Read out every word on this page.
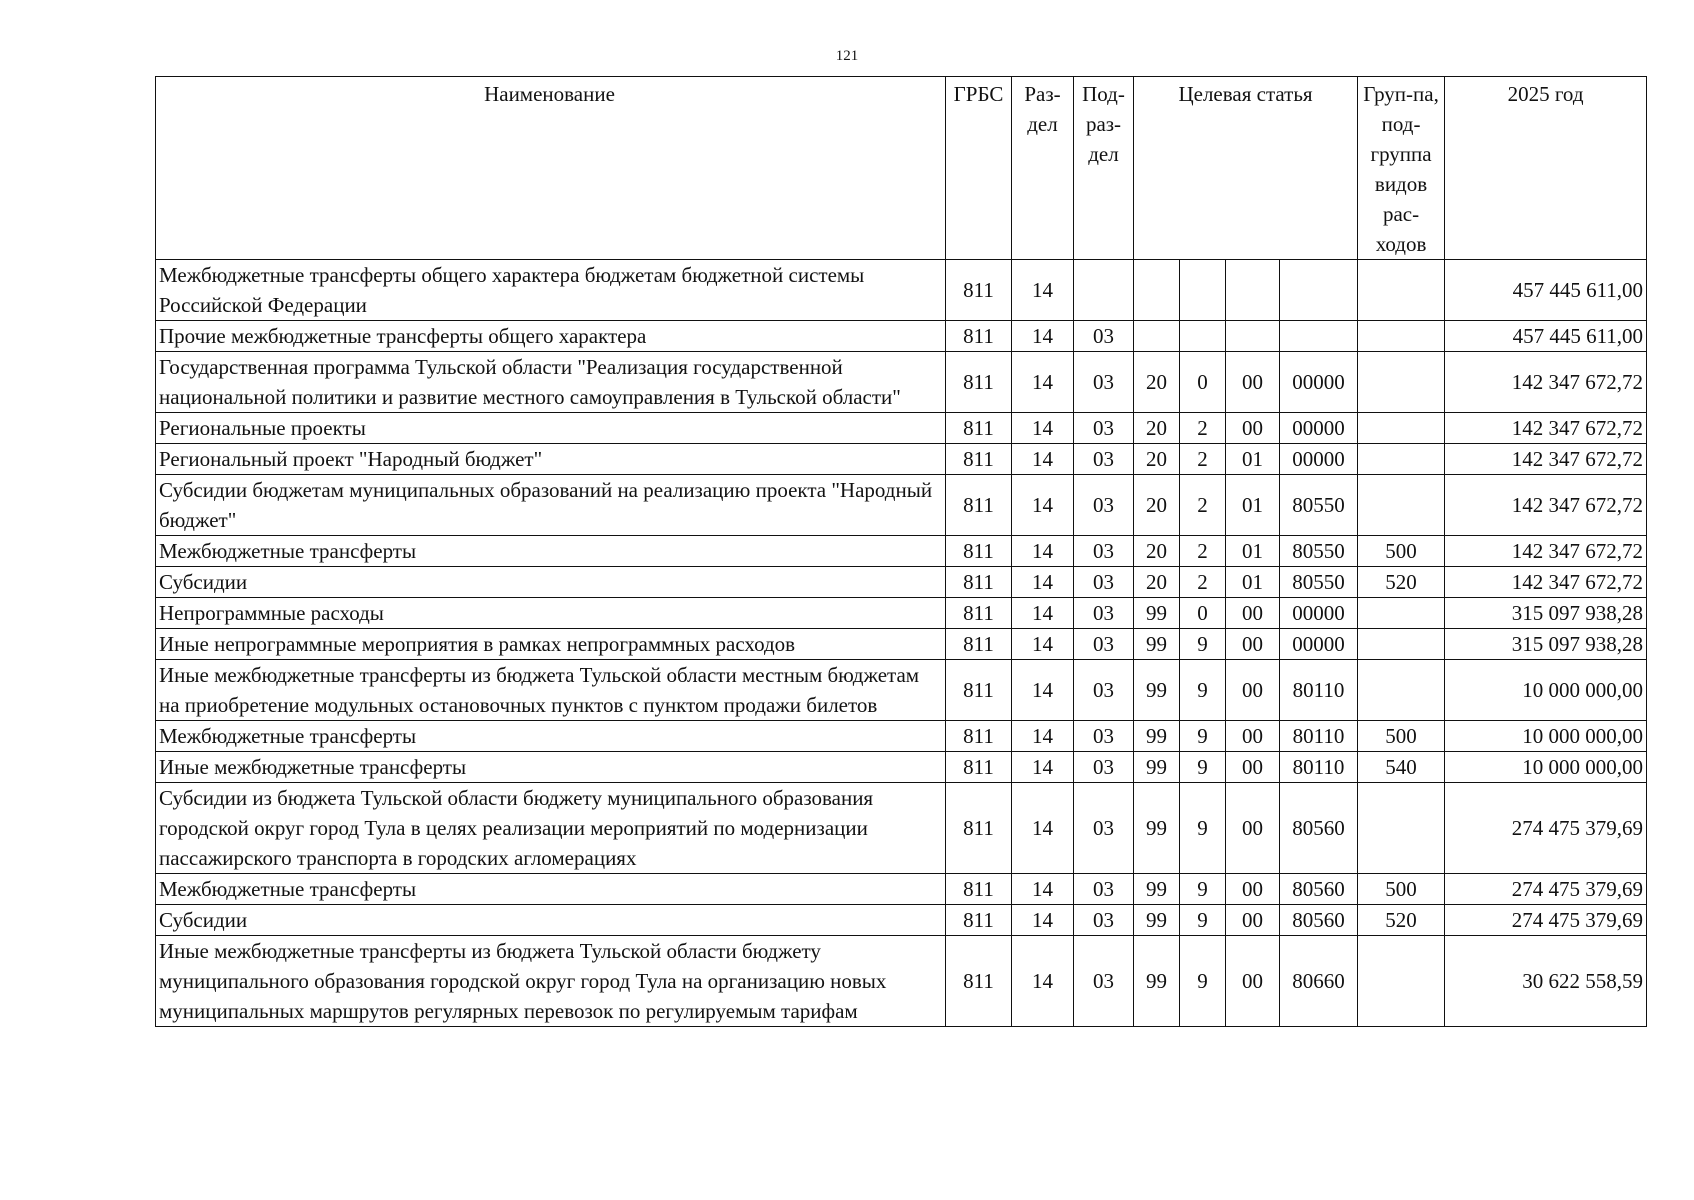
121
Наименование	ГРБС	Раз-дел	Под-раз-дел	Целевая статья				Груп-па, под-группа видов рас-ходов	2025 год
Межбюджетные трансферты общего характера бюджетам бюджетной системы Российской Федерации	811	14							457 445 611,00
Прочие межбюджетные трансферты общего характера	811	14	03						457 445 611,00
Государственная программа Тульской области "Реализация государственной национальной политики и развитие местного самоуправления в Тульской области"	811	14	03	20	0	00	00000		142 347 672,72
Региональные проекты	811	14	03	20	2	00	00000		142 347 672,72
Региональный проект "Народный бюджет"	811	14	03	20	2	01	00000		142 347 672,72
Субсидии бюджетам муниципальных образований на реализацию проекта "Народный бюджет"	811	14	03	20	2	01	80550		142 347 672,72
Межбюджетные трансферты	811	14	03	20	2	01	80550	500	142 347 672,72
Субсидии	811	14	03	20	2	01	80550	520	142 347 672,72
Непрограммные расходы	811	14	03	99	0	00	00000		315 097 938,28
Иные непрограммные мероприятия в рамках непрограммных расходов	811	14	03	99	9	00	00000		315 097 938,28
Иные межбюджетные трансферты из бюджета Тульской области местным бюджетам на приобретение модульных остановочных пунктов с пунктом продажи билетов	811	14	03	99	9	00	80110		10 000 000,00
Межбюджетные трансферты	811	14	03	99	9	00	80110	500	10 000 000,00
Иные межбюджетные трансферты	811	14	03	99	9	00	80110	540	10 000 000,00
Субсидии из бюджета Тульской области бюджету муниципального образования городской округ город Тула в целях реализации мероприятий по модернизации пассажирского транспорта в городских агломерациях	811	14	03	99	9	00	80560		274 475 379,69
Межбюджетные трансферты	811	14	03	99	9	00	80560	500	274 475 379,69
Субсидии	811	14	03	99	9	00	80560	520	274 475 379,69
Иные межбюджетные трансферты из бюджета Тульской области бюджету муниципального образования городской округ город Тула на организацию новых муниципальных маршрутов регулярных перевозок по регулируемым тарифам	811	14	03	99	9	00	80660		30 622 558,59
